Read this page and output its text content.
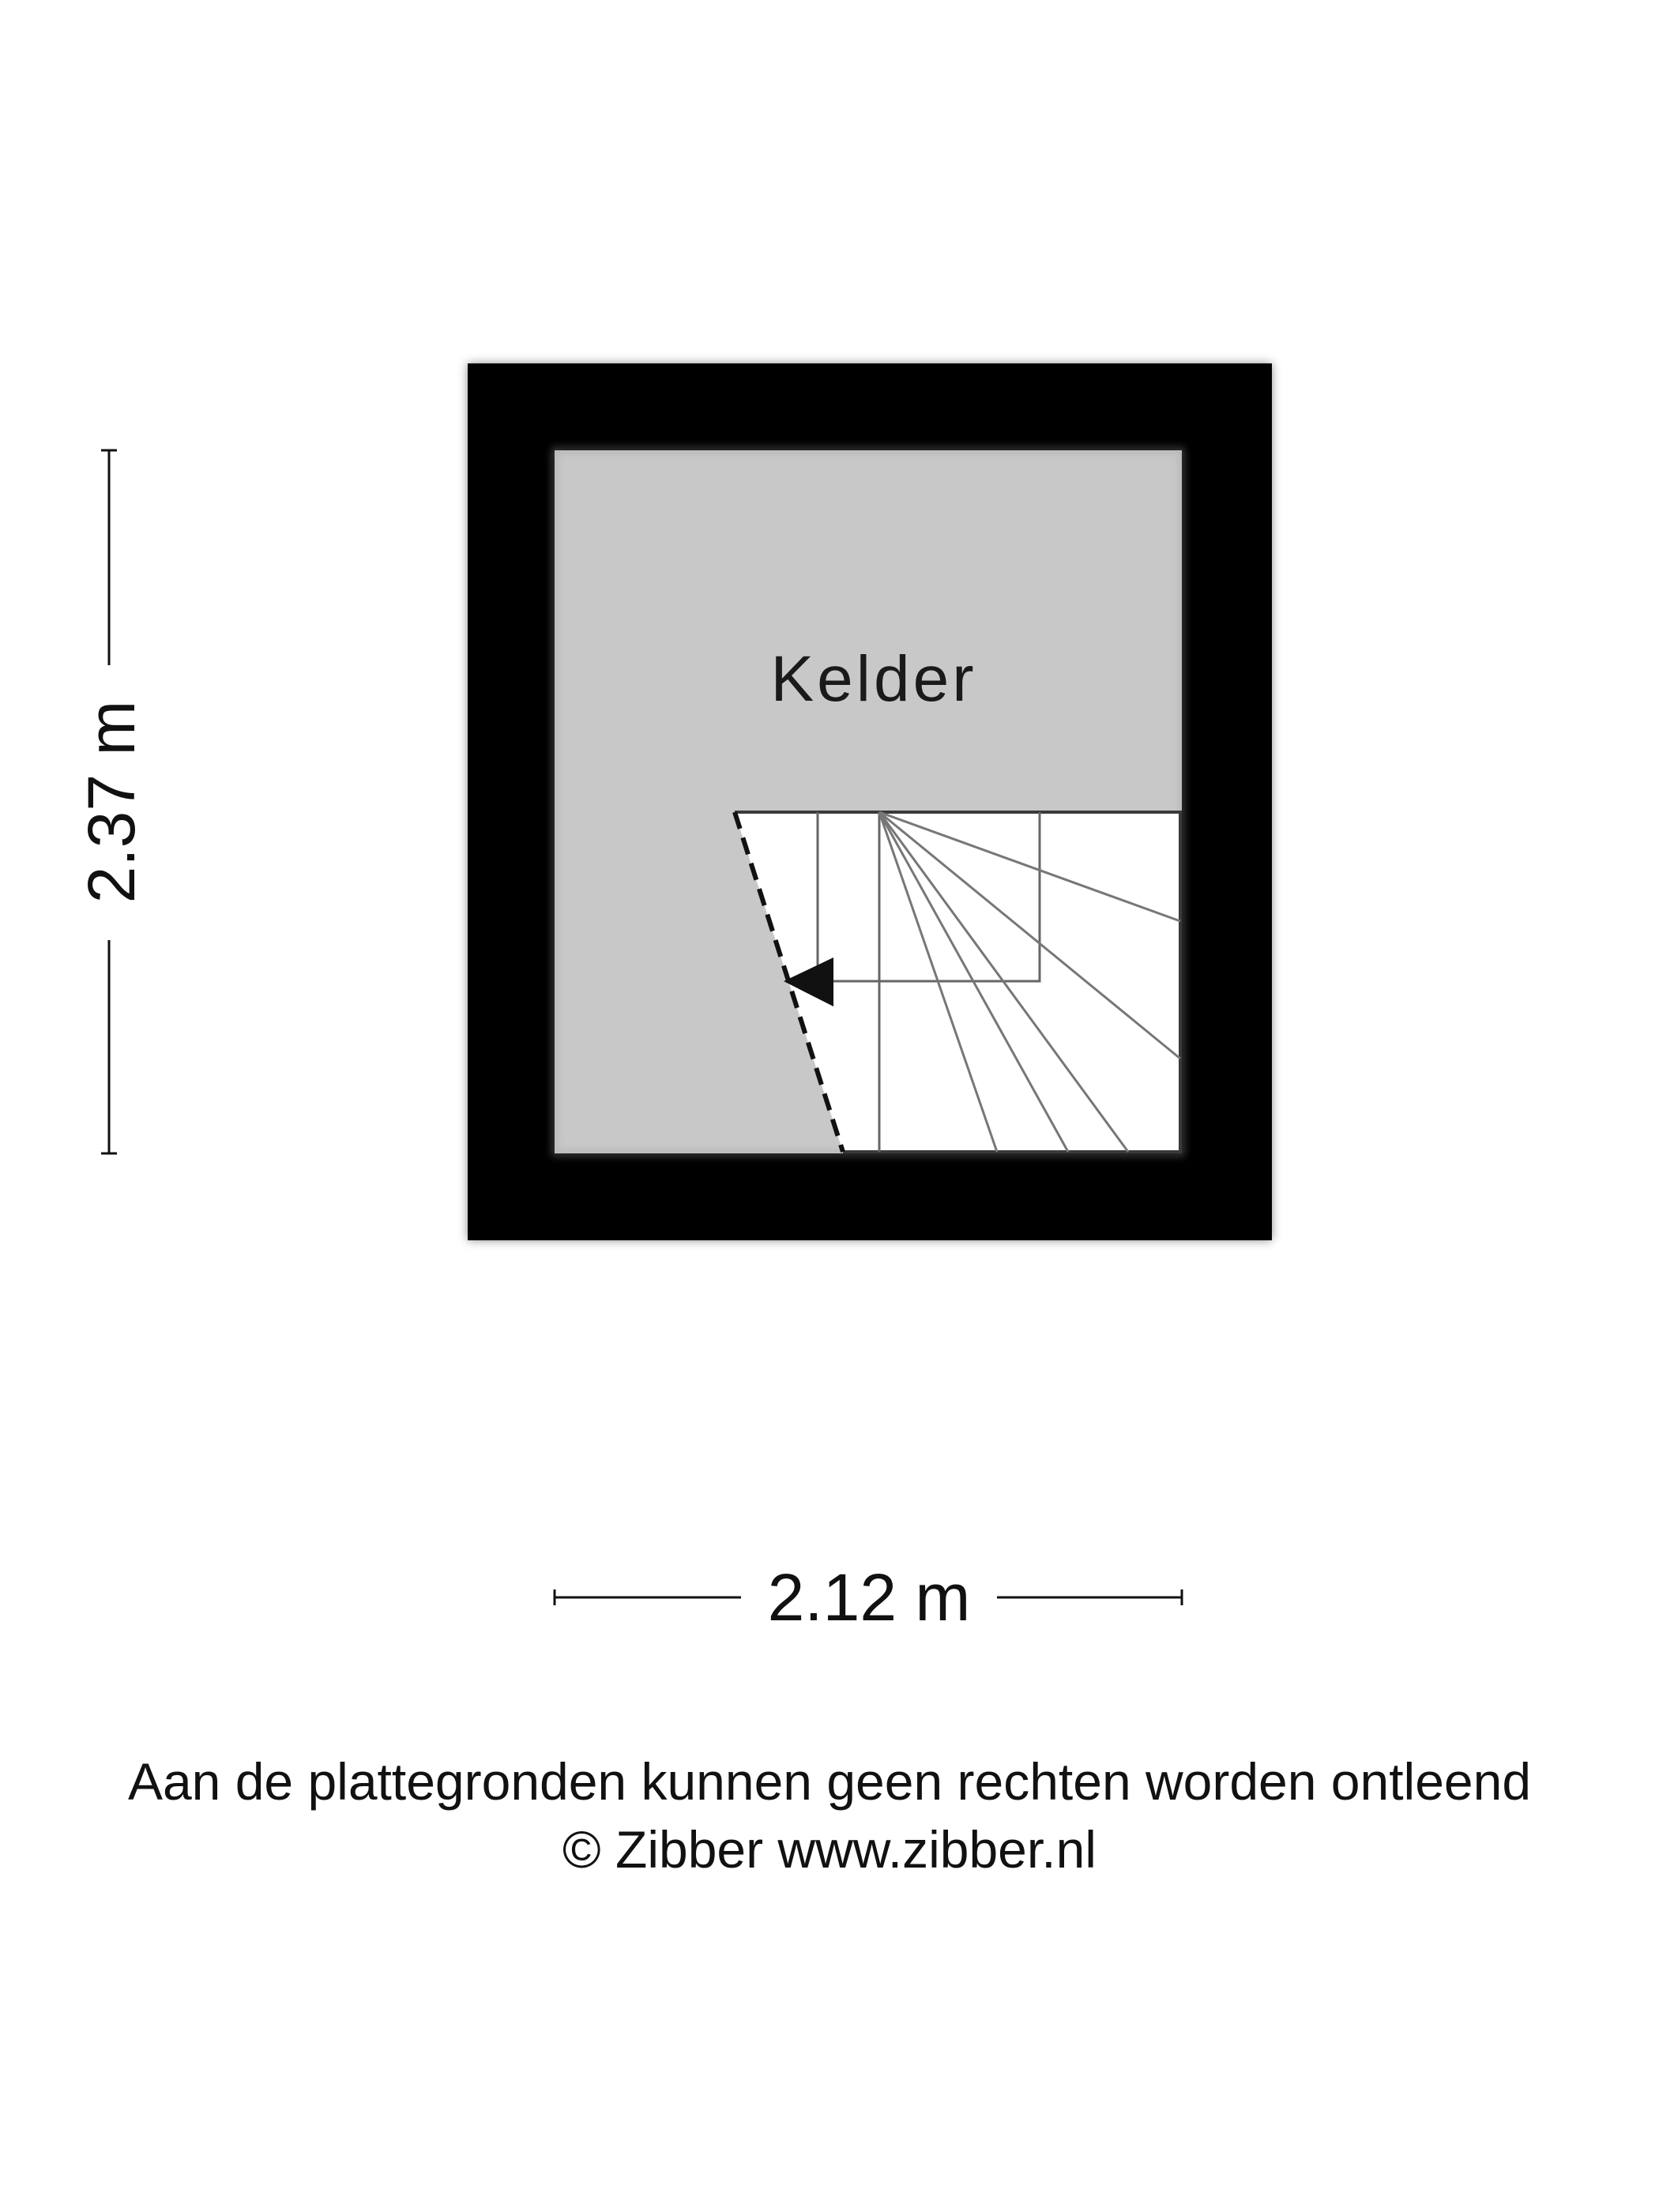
Kelder
2.37 m
2.12 m
Aan de plattegronden kunnen geen rechten worden ontleend
© Zibber www.zibber.nl
